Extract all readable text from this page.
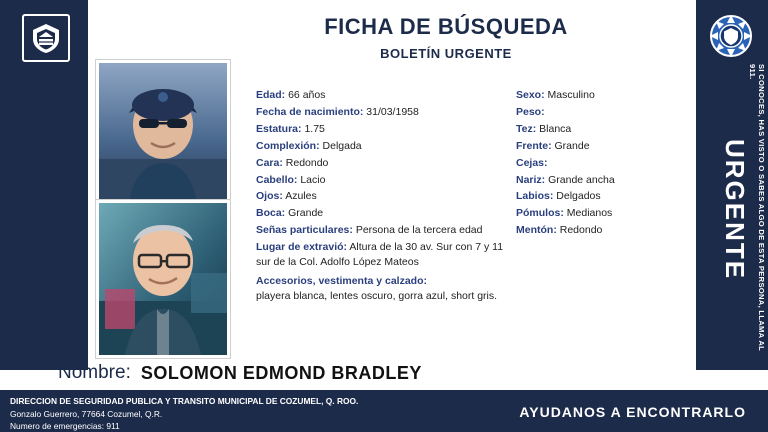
FICHA DE BÚSQUEDA
BOLETÍN URGENTE
Edad: 66 años
Fecha de nacimiento: 31/03/1958
Estatura: 1.75
Complexión: Delgada
Cara: Redondo
Cabello: Lacio
Ojos: Azules
Boca: Grande
Señas particulares: Persona de la tercera edad
Lugar de extravió: Altura de la 30 av. Sur con 7 y 11 sur de la Col. Adolfo López Mateos
Accesorios, vestimenta y calzado:
playera blanca, lentes oscuro, gorra azul, short gris.
Sexo: Masculino
Peso:
Tez: Blanca
Frente: Grande
Cejas:
Nariz: Grande ancha
Labios: Delgados
Pómulos: Medianos
Mentón: Redondo	URGENTE SI CONOCES, HAS VISTO O SABES ALGO DE ESTA PERSONA, LLAMA AL 911.
Nombre: SOLOMON EDMOND BRADLEY
DIRECCION DE SEGURIDAD PUBLICA Y TRANSITO MUNICIPAL DE COZUMEL, Q. ROO.
Gonzalo Guerrero, 77664 Cozumel, Q.R.
Numero de emergencias: 911
AYUDANOS A ENCONTRARLO
